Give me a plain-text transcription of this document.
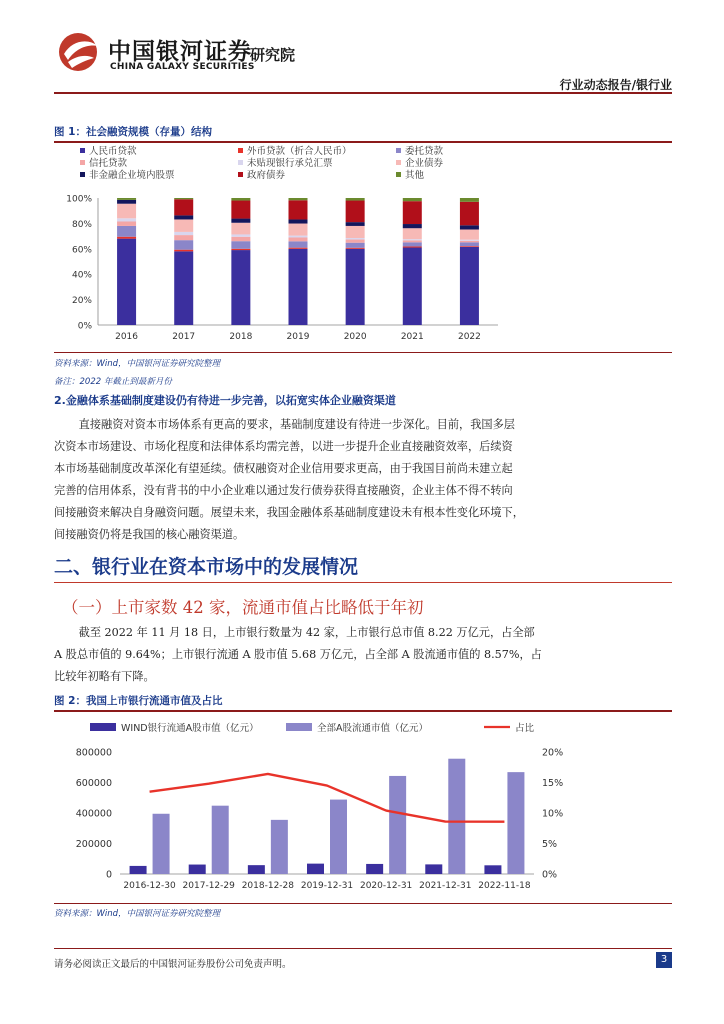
中国银河证券
CHINA GALAXY SECURITIES
研究院
行业动态报告/银行业
图 1：社会融资规模（存量）结构
人民币贷款	外币贷款（折合人民币）	委托贷款
信托贷款	未贴现银行承兑汇票	企业债券
非金融企业境内股票	政府债券	其他
0%
20%
40%
60%
80%
100%
2016	2017	2018	2019	2020	2021	2022
资料来源：Wind，中国银河证券研究院整理
备注：2022 年截止到最新月份
2.金融体系基础制度建设仍有待进一步完善，以拓宽实体企业融资渠道
直接融资对资本市场体系有更高的要求，基础制度建设有待进一步深化。目前，我国多层
次资本市场建设、市场化程度和法律体系均需完善，以进一步提升企业直接融资效率，后续资
本市场基础制度改革深化有望延续。债权融资对企业信用要求更高，由于我国目前尚未建立起
完善的信用体系，没有背书的中小企业难以通过发行债券获得直接融资，企业主体不得不转向
间接融资来解决自身融资问题。展望未来，我国金融体系基础制度建设未有根本性变化环境下，
间接融资仍将是我国的核心融资渠道。
二、银行业在资本市场中的发展情况
（一）上市家数 42 家，流通市值占比略低于年初
截至 2022 年 11 月 18 日，上市银行数量为 42 家，上市银行总市值 8.22 万亿元，占全部
A 股总市值的 9.64%；上市银行流通 A 股市值 5.68 万亿元，占全部 A 股流通市值的 8.57%，占
比较年初略有下降。
图 2：我国上市银行流通市值及占比
WIND银行流通A股市值（亿元）	全部A股流通市值（亿元）	占比
0
200000
400000
600000
800000
0%
5%
10%
15%
20%
2016-12-30 2017-12-29 2018-12-28 2019-12-31 2020-12-31 2021-12-31 2022-11-18
资料来源：Wind，中国银河证券研究院整理
请务必阅读正文最后的中国银河证券股份公司免责声明。	3
